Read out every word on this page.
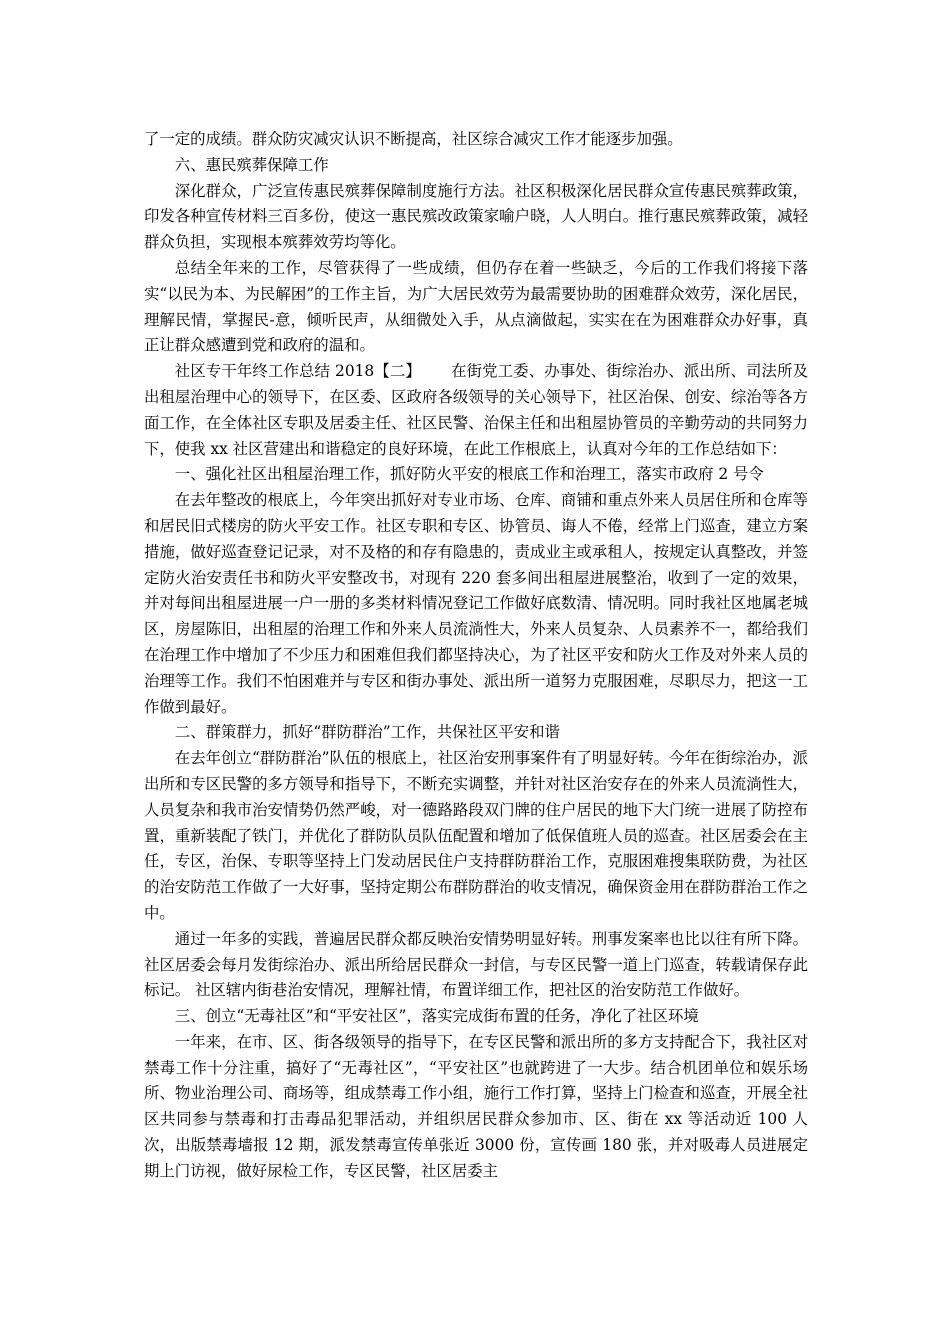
了一定的成绩。群众防灾减灾认识不断提高，社区综合减灾工作才能逐步加强。

六、惠民殡葬保障工作

深化群众，广泛宣传惠民殡葬保障制度施行方法。社区积极深化居民群众宣传惠民殡葬政策，印发各种宣传材料三百多份，使这一惠民殡改政策家喻户晓，人人明白。推行惠民殡葬政策，减轻群众负担，实现根本殡葬效劳均等化。

总结全年来的工作，尽管获得了一些成绩，但仍存在着一些缺乏，今后的工作我们将接下落实“以民为本、为民解困”的工作主旨，为广大居民效劳为最需要协助的困难群众效劳，深化居民，理解民情，掌握民-意，倾听民声，从细微处入手，从点滴做起，实实在在为困难群众办好事，真正让群众感遭到党和政府的温和。

社区专干年终工作总结 2018【二】 在街党工委、办事处、街综治办、派出所、司法所及出租屋治理中心的领导下，在区委、区政府各级领导的关心领导下，社区治保、创安、综治等各方面工作，在全体社区专职及居委主任、社区民警、治保主任和出租屋协管员的辛勤劳动的共同努力下，使我 xx 社区营建出和谐稳定的良好环境，在此工作根底上，认真对今年的工作总结如下：

一、强化社区出租屋治理工作，抓好防火平安的根底工作和治理工，落实市政府 2 号令

在去年整改的根底上，今年突出抓好对专业市场、仓库、商铺和重点外来人员居住所和仓库等和居民旧式楼房的防火平安工作。社区专职和专区、协管员、诲人不倦，经常上门巡查，建立方案措施，做好巡查登记记录，对不及格的和存有隐患的，责成业主或承租人，按规定认真整改，并签定防火治安责任书和防火平安整改书，对现有 220 套多间出租屋进展整治，收到了一定的效果，并对每间出租屋进展一户一册的多类材料情况登记工作做好底数清、情况明。同时我社区地属老城区，房屋陈旧，出租屋的治理工作和外来人员流淌性大，外来人员复杂、人员素养不一，都给我们在治理工作中增加了不少压力和困难但我们都坚持决心，为了社区平安和防火工作及对外来人员的治理等工作。我们不怕困难并与专区和街办事处、派出所一道努力克服困难，尽职尽力，把这一工作做到最好。

二、群策群力，抓好“群防群治”工作，共保社区平安和谐

在去年创立“群防群治”队伍的根底上，社区治安刑事案件有了明显好转。今年在街综治办，派出所和专区民警的多方领导和指导下，不断充实调整，并针对社区治安存在的外来人员流淌性大，人员复杂和我市治安情势仍然严峻，对一德路路段双门牌的住户居民的地下大门统一进展了防控布置，重新装配了铁门，并优化了群防队员队伍配置和增加了低保值班人员的巡查。社区居委会在主任，专区，治保、专职等坚持上门发动居民住户支持群防群治工作，克服困难搜集联防费，为社区的治安防范工作做了一大好事，坚持定期公布群防群治的收支情况，确保资金用在群防群治工作之中。

通过一年多的实践，普遍居民群众都反映治安情势明显好转。刑事发案率也比以往有所下降。社区居委会每月发街综治办、派出所给居民群众一封信，与专区民警一道上门巡查，转载请保存此标记。 社区辖内街巷治安情况，理解社情，布置详细工作，把社区的治安防范工作做好。

三、创立“无毒社区”和“平安社区”，落实完成街布置的任务，净化了社区环境

一年来，在市、区、街各级领导的指导下，在专区民警和派出所的多方支持配合下，我社区对禁毒工作十分注重，搞好了“无毒社区”，“平安社区”也就跨进了一大步。结合机团单位和娱乐场所、物业治理公司、商场等，组成禁毒工作小组，施行工作打算，坚持上门检查和巡查，开展全社区共同参与禁毒和打击毒品犯罪活动，并组织居民群众参加市、区、街在 xx 等活动近 100 人次，出版禁毒墙报 12 期，派发禁毒宣传单张近 3000 份，宣传画 180 张，并对吸毒人员进展定期上门访视，做好尿检工作，专区民警，社区居委主
